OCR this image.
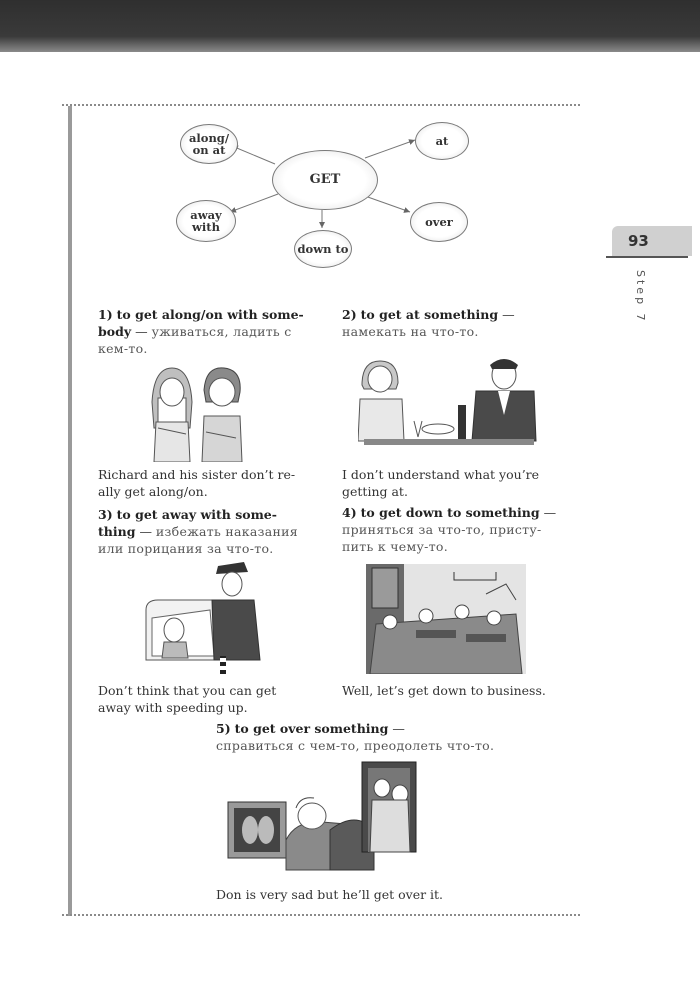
93
Step 7
GET
along/ on at
at
away with	over
down to
1) to get along/on with some- body — уживаться, ладить с кем-то.
2) to get at something — намекать на что-то.
Richard and his sister don’t re- ally get along/on.
I don’t understand what you’re getting at.
3) to get away with some- thing — избежать наказания или порицания за что-то.
4) to get down to something — приняться за что-то, присту- пить к чему-то.
Don’t think that you can get away with speeding up.
Well, let’s get down to business.
5) to get over something —
справиться с чем-то, преодолеть что-то.
Don is very sad but he’ll get over it.
